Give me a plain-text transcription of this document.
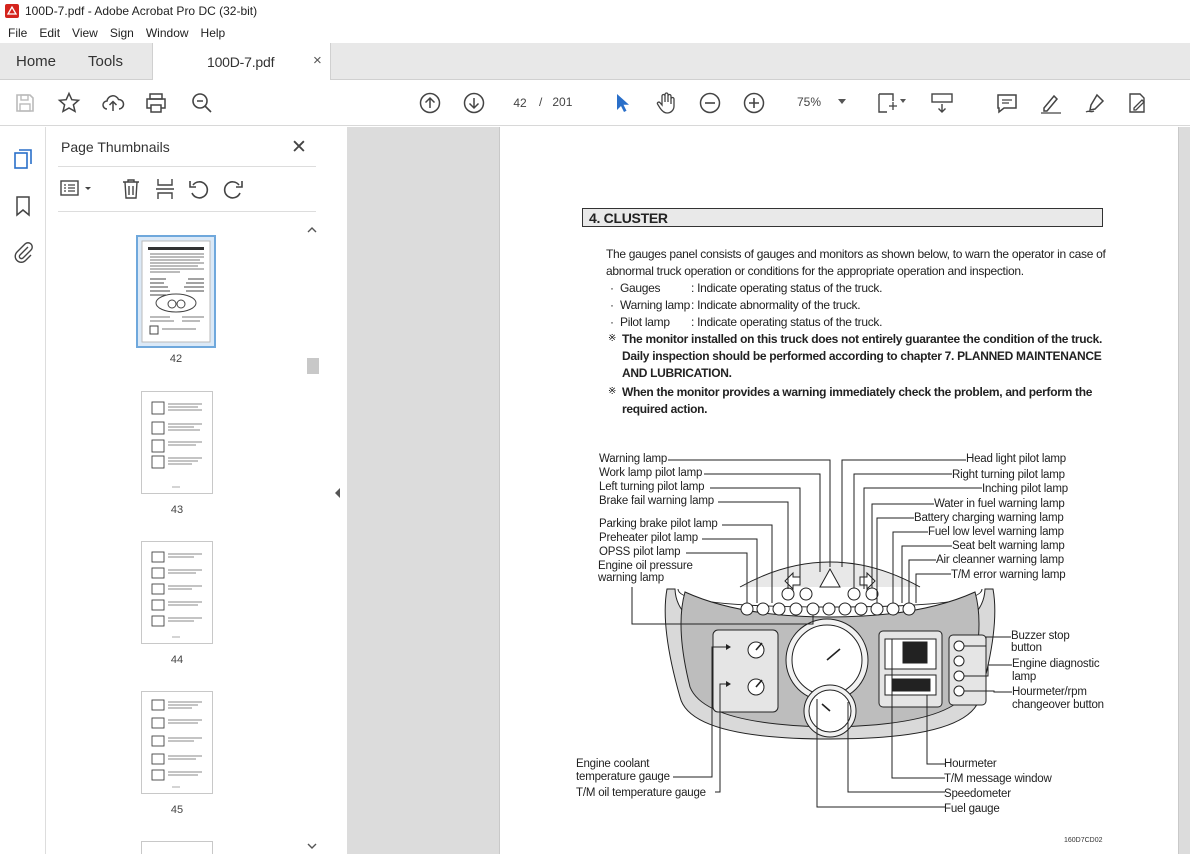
100D-7.pdf - Adobe Acrobat Pro DC (32-bit)
File Edit View Sign Window Help
Home Tools	100D-7.pdf	×
42	/ 201	75%
Page Thumbnails	✕
42
43
44
45
4. CLUSTER
The gauges panel consists of gauges and monitors as shown below, to warn the operator in case of
abnormal truck operation or conditions for the appropriate operation and inspection.
· Gauges	: Indicate operating status of the truck.
· Warning lamp : Indicate abnormality of the truck.
· Pilot lamp : Indicate operating status of the truck.
※ The monitor installed on this truck does not entirely guarantee the condition of the truck.
Daily inspection should be performed according to chapter 7. PLANNED MAINTENANCE
AND LUBRICATION.
※ When the monitor provides a warning immediately check the problem, and perform the
required action.
Warning lamp
Work lamp pilot lamp
Left turning pilot lamp
Brake fail warning lamp
Parking brake pilot lamp
Preheater pilot lamp
OPSS pilot lamp
Engine oil pressure
warning lamp
Head light pilot lamp
Right turning pilot lamp
Inching pilot lamp
Water in fuel warning lamp
Battery charging warning lamp
Fuel low level warning lamp
Seat belt warning lamp
Air cleanner warning lamp
T/M error warning lamp
Buzzer stop
button
Engine diagnostic
lamp
Hourmeter/rpm
changeover button
Engine coolant
temperature gauge
T/M oil temperature gauge
Hourmeter
T/M message window
Speedometer
Fuel gauge
160D7CD02
